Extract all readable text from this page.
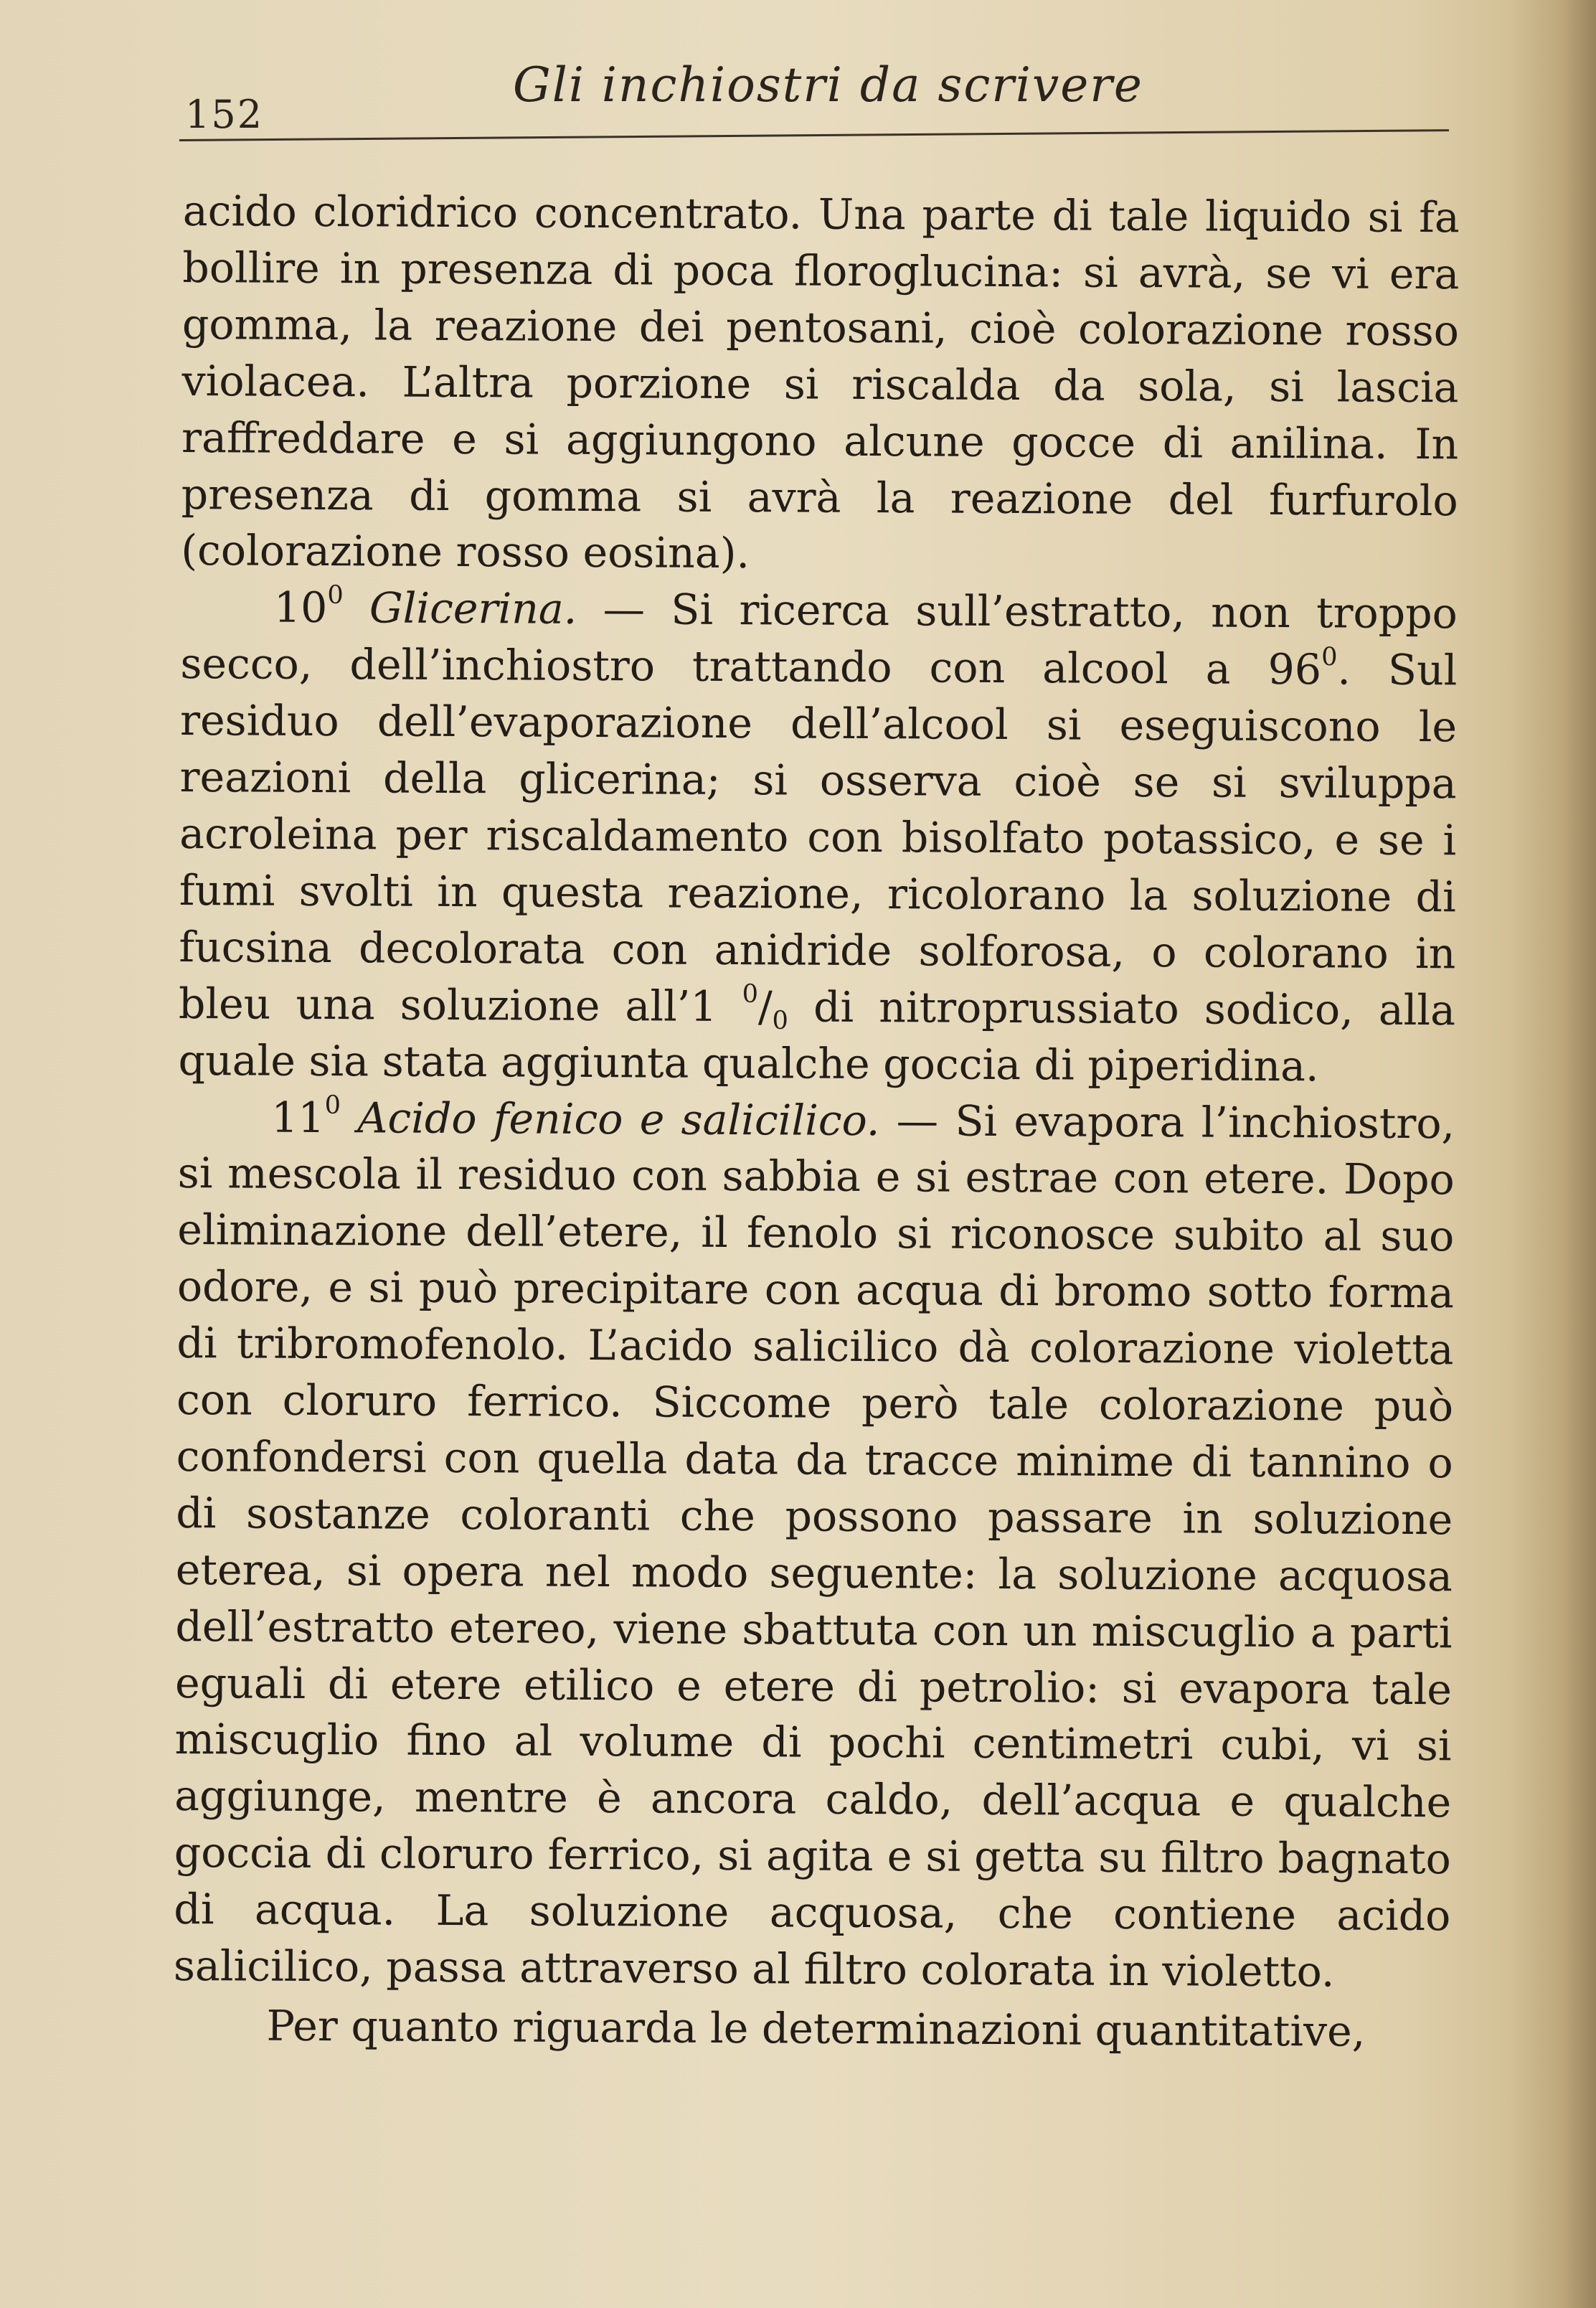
152
Gli inchiostri da scrivere

acido cloridrico concentrato. Una parte di tale liquido si fa bollire in presenza di poca floroglucina: si avrà, se vi era gomma, la reazione dei pentosani, cioè colorazione rosso violacea. L’altra porzione si riscalda da sola, si lascia raffreddare e si aggiungono alcune gocce di anilina. In presenza di gomma si avrà la reazione del furfurolo (colorazione rosso eosina).

$10^0$ Glicerina. — Si ricerca sull’estratto, non troppo secco, dell’inchiostro trattando con alcool a $96^0$. Sul residuo dell’evaporazione dell’alcool si eseguiscono le reazioni della glicerina; si osserva cioè se si sviluppa acroleina per riscaldamento con bisolfato potassico, e se i fumi svolti in questa reazione, ricolorano la soluzione di fucsina decolorata con anidride solforosa, o colorano in bleu una soluzione all’1 $^0/_0$ di nitroprussiato sodico, alla quale sia stata aggiunta qualche goccia di piperidina.

$11^0$ Acido fenico e salicilico. — Si evapora l’inchiostro, si mescola il residuo con sabbia e si estrae con etere. Dopo eliminazione dell’etere, il fenolo si riconosce subito al suo odore, e si può precipitare con acqua di bromo sotto forma di tribromofenolo. L’acido salicilico dà colorazione violetta con cloruro ferrico. Siccome però tale colorazione può confondersi con quella data da tracce minime di tannino o di sostanze coloranti che possono passare in soluzione eterea, si opera nel modo seguente: la soluzione acquosa dell’estratto etereo, viene sbattuta con un miscuglio a parti eguali di etere etilico e etere di petrolio: si evapora tale miscuglio fino al volume di pochi centimetri cubi, vi si aggiunge, mentre è ancora caldo, dell’acqua e qualche goccia di cloruro ferrico, si agita e si getta su filtro bagnato di acqua. La soluzione acquosa, che contiene acido salicilico, passa attraverso al filtro colorata in violetto.

Per quanto riguarda le determinazioni quantitative,
